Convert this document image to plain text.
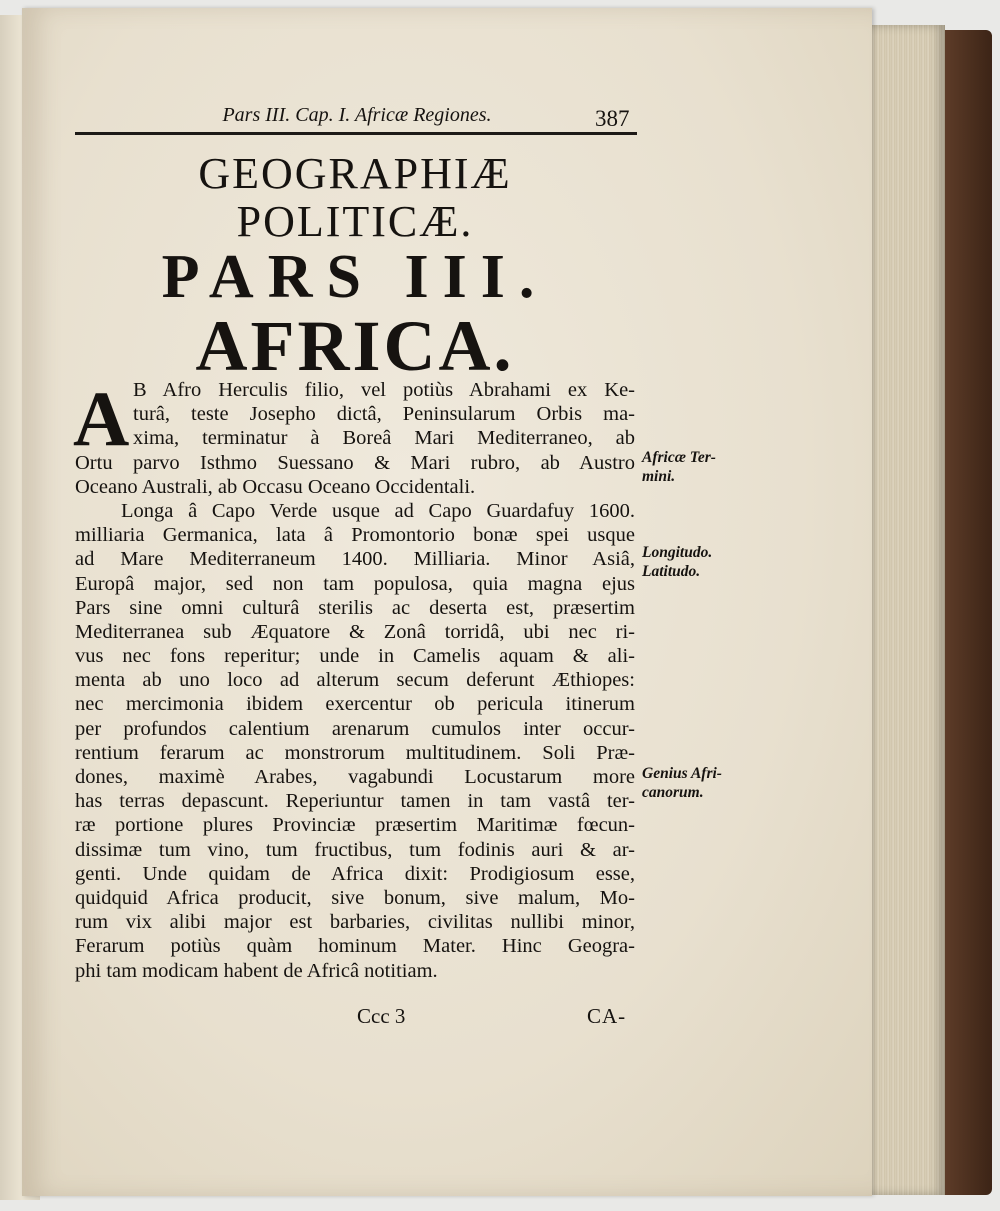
Pars III. Cap. I. Africæ Regiones.	387
GEOGRAPHIÆ
POLITICÆ.
PARS III.
AFRICA.
A B Afro Herculis filio, vel potiùs Abrahami ex Ke-
turâ, teste Josepho dictâ, Peninsularum Orbis ma-
xima, terminatur à Boreâ Mari Mediterraneo, ab
Ortu parvo Isthmo Suessano & Mari rubro, ab Austro
Oceano Australi, ab Occasu Oceano Occidentali.
Longa â Capo Verde usque ad Capo Guardafuy 1600.
milliaria Germanica, lata â Promontorio bonæ spei usque
ad Mare Mediterraneum 1400. Milliaria. Minor Asiâ,
Europâ major, sed non tam populosa, quia magna ejus
Pars sine omni culturâ sterilis ac deserta est, præsertim
Mediterranea sub Æquatore & Zonâ torridâ, ubi nec ri-
vus nec fons reperitur; unde in Camelis aquam & ali-
menta ab uno loco ad alterum secum deferunt Æthiopes:
nec mercimonia ibidem exercentur ob pericula itinerum
per profundos calentium arenarum cumulos inter occur-
rentium ferarum ac monstrorum multitudinem. Soli Præ-
dones, maximè Arabes, vagabundi Locustarum more
has terras depascunt. Reperiuntur tamen in tam vastâ ter-
ræ portione plures Provinciæ præsertim Maritimæ fœcun-
dissimæ tum vino, tum fructibus, tum fodinis auri & ar-
genti. Unde quidam de Africa dixit: Prodigiosum esse,
quidquid Africa producit, sive bonum, sive malum, Mo-
rum vix alibi major est barbaries, civilitas nullibi minor,
Ferarum potiùs quàm hominum Mater. Hinc Geogra-
phi tam modicam habent de Africâ notitiam.
Africæ Ter-
mini.
Longitudo.
Latitudo.
Genius Afri-
canorum.
Ccc 3	CA-
